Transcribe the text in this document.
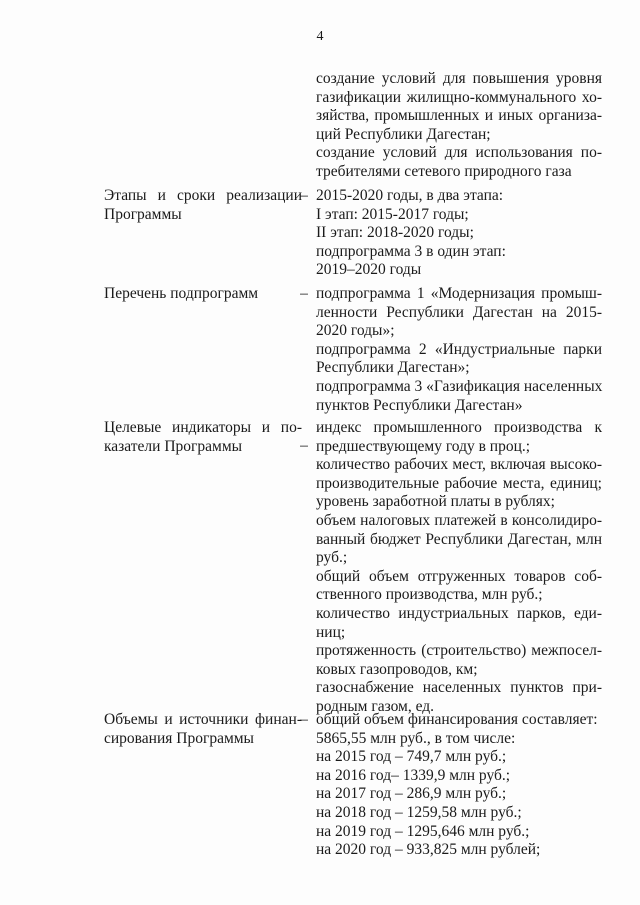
4
создание условий для повышения уровня
газификации жилищно-коммунального хо-
зяйства, промышленных и иных организа-
ций Республики Дагестан;
создание условий для использования по-
требителями сетевого природного газа
Этапы и сроки реализации
Программы
– 2015-2020 годы, в два этапа:
I этап: 2015-2017 годы;
II этап: 2018-2020 годы;
подпрограмма 3 в один этап:
2019–2020 годы
Перечень подпрограмм	– подпрограмма 1 «Модернизация промыш-
ленности Республики Дагестан на 2015-
2020 годы»;
подпрограмма 2 «Индустриальные парки
Республики Дагестан»;
подпрограмма 3 «Газификация населенных
пунктов Республики Дагестан»
Целевые индикаторы и по-
казатели Программы	–
индекс промышленного производства к
предшествующему году в проц.;
количество рабочих мест, включая высоко-
производительные рабочие места, единиц;
уровень заработной платы в рублях;
объем налоговых платежей в консолидиро-
ванный бюджет Республики Дагестан, млн
руб.;
общий объем отгруженных товаров соб-
ственного производства, млн руб.;
количество индустриальных парков, еди-
ниц;
протяженность (строительство) межпосел-
ковых газопроводов, км;
газоснабжение населенных пунктов при-
родным газом, ед.
Объемы и источники финан-
сирования Программы
– общий объем финансирования составляет:
5865,55 млн руб., в том числе:
на 2015 год – 749,7 млн руб.;
на 2016 год– 1339,9 млн руб.;
на 2017 год – 286,9 млн руб.;
на 2018 год – 1259,58 млн руб.;
на 2019 год – 1295,646 млн руб.;
на 2020 год – 933,825 млн рублей;
